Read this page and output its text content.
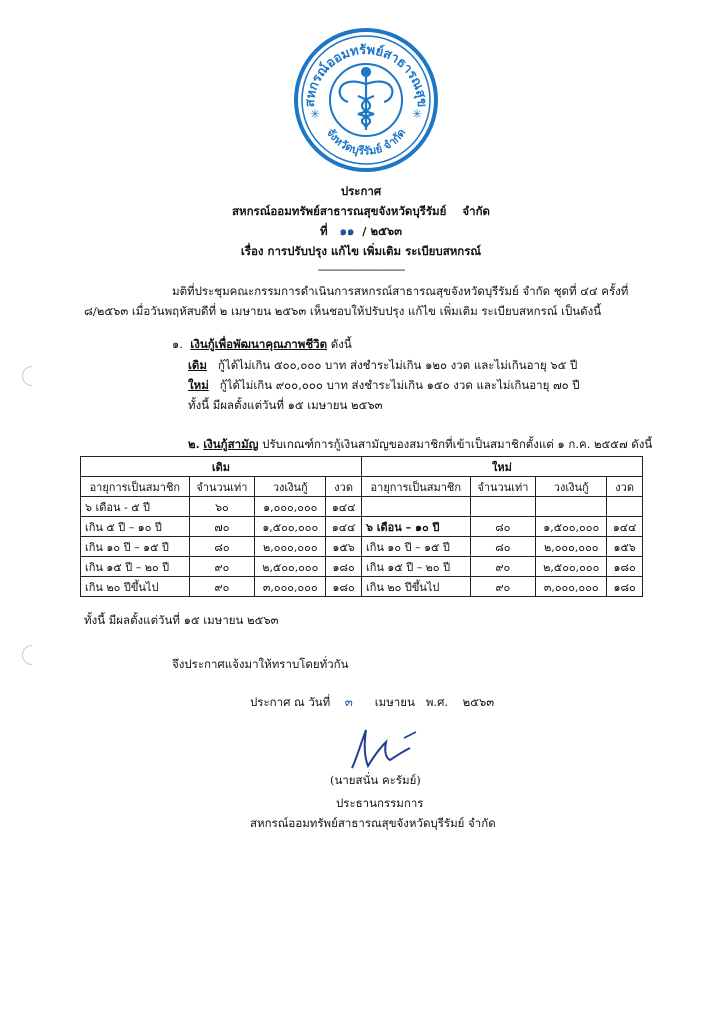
สหกรณ์ออมทรัพย์สาธารณสุข
จังหวัดบุรีรัมย์ จำกัด
✳	✳
ประกาศ
สหกรณ์ออมทรัพย์สาธารณสุขจังหวัดบุรีรัมย์ จำกัด
ที่ ๑๑ / ๒๕๖๓
เรื่อง การปรับปรุง แก้ไข เพิ่มเติม ระเบียบสหกรณ์
------------------------------
มติที่ประชุมคณะกรรมการดำเนินการสหกรณ์สาธารณสุขจังหวัดบุรีรัมย์ จำกัด ชุดที่ ๔๔ ครั้งที่
๘/๒๕๖๓ เมื่อวันพฤหัสบดีที่ ๒ เมษายน ๒๕๖๓ เห็นชอบให้ปรับปรุง แก้ไข เพิ่มเติม ระเบียบสหกรณ์ เป็นดังนี้
๑. เงินกู้เพื่อพัฒนาคุณภาพชีวิต ดังนี้
เดิม กู้ได้ไม่เกิน ๕๐๐,๐๐๐ บาท ส่งชำระไม่เกิน ๑๒๐ งวด และไม่เกินอายุ ๖๕ ปี
ใหม่ กู้ได้ไม่เกิน ๙๐๐,๐๐๐ บาท ส่งชำระไม่เกิน ๑๕๐ งวด และไม่เกินอายุ ๗๐ ปี
ทั้งนี้ มีผลตั้งแต่วันที่ ๑๕ เมษายน ๒๕๖๓
๒. เงินกู้สามัญ ปรับเกณฑ์การกู้เงินสามัญของสมาชิกที่เข้าเป็นสมาชิกตั้งแต่ ๑ ก.ค. ๒๕๕๗ ดังนี้
เดิม				ใหม่			
อายุการเป็นสมาชิก	จำนวนเท่า	วงเงินกู้	งวด	อายุการเป็นสมาชิก	จำนวนเท่า	วงเงินกู้	งวด
๖ เดือน - ๕ ปี	๖๐	๑,๐๐๐,๐๐๐	๑๔๔				
เกิน ๕ ปี – ๑๐ ปี	๗๐	๑,๕๐๐,๐๐๐	๑๔๔	๖ เดือน – ๑๐ ปี	๘๐	๑,๕๐๐,๐๐๐	๑๔๔
เกิน ๑๐ ปี – ๑๕ ปี	๘๐	๒,๐๐๐,๐๐๐	๑๕๖	เกิน ๑๐ ปี – ๑๕ ปี	๘๐	๒,๐๐๐,๐๐๐	๑๕๖
เกิน ๑๕ ปี – ๒๐ ปี	๙๐	๒,๕๐๐,๐๐๐	๑๘๐	เกิน ๑๕ ปี – ๒๐ ปี	๙๐	๒,๕๐๐,๐๐๐	๑๘๐
เกิน ๒๐ ปีขึ้นไป	๙๐	๓,๐๐๐,๐๐๐	๑๘๐	เกิน ๒๐ ปีขึ้นไป	๙๐	๓,๐๐๐,๐๐๐	๑๘๐
ทั้งนี้ มีผลตั้งแต่วันที่ ๑๕ เมษายน ๒๕๖๓
จึงประกาศแจ้งมาให้ทราบโดยทั่วกัน
ประกาศ ณ วันที่ ๓ เมษายน พ.ศ. ๒๕๖๓
(นายสนั่น คะรัมย์)
ประธานกรรมการ
สหกรณ์ออมทรัพย์สาธารณสุขจังหวัดบุรีรัมย์ จำกัด
